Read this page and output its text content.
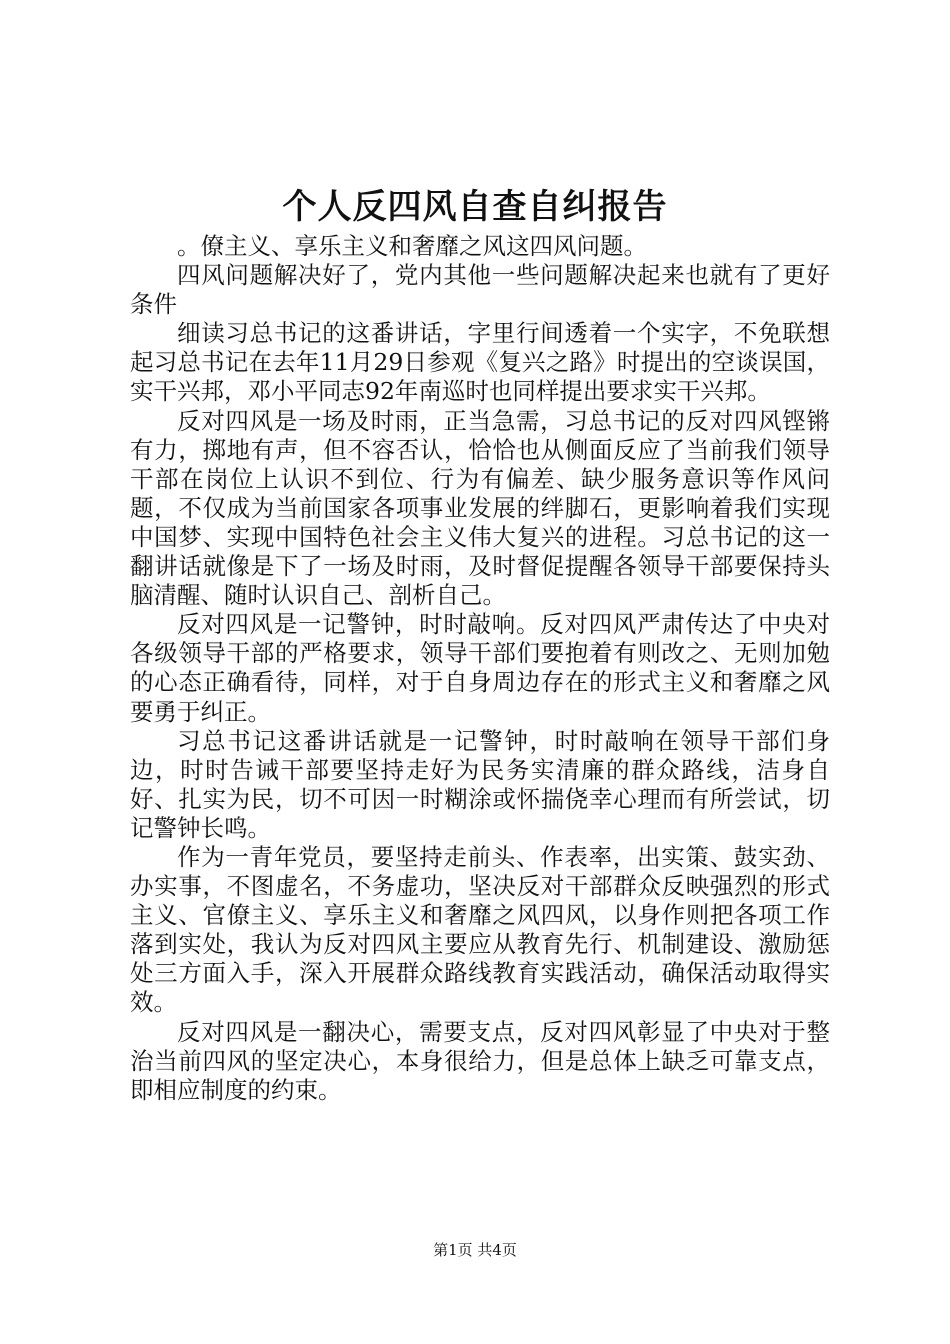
个人反四风自查自纠报告

。僚主义、享乐主义和奢靡之风这四风问题。

四风问题解决好了，党内其他一些问题解决起来也就有了更好条件

细读习总书记的这番讲话，字里行间透着一个实字，不免联想起习总书记在去年11月29日参观《复兴之路》时提出的空谈误国，实干兴邦，邓小平同志92年南巡时也同样提出要求实干兴邦。

反对四风是一场及时雨，正当急需，习总书记的反对四风铿锵有力，掷地有声，但不容否认，恰恰也从侧面反应了当前我们领导干部在岗位上认识不到位、行为有偏差、缺少服务意识等作风问题，不仅成为当前国家各项事业发展的绊脚石，更影响着我们实现中国梦、实现中国特色社会主义伟大复兴的进程。习总书记的这一翻讲话就像是下了一场及时雨，及时督促提醒各领导干部要保持头脑清醒、随时认识自己、剖析自己。

反对四风是一记警钟，时时敲响。反对四风严肃传达了中央对各级领导干部的严格要求，领导干部们要抱着有则改之、无则加勉的心态正确看待，同样，对于自身周边存在的形式主义和奢靡之风要勇于纠正。

习总书记这番讲话就是一记警钟，时时敲响在领导干部们身边，时时告诫干部要坚持走好为民务实清廉的群众路线，洁身自好、扎实为民，切不可因一时糊涂或怀揣侥幸心理而有所尝试，切记警钟长鸣。

作为一青年党员，要坚持走前头、作表率，出实策、鼓实劲、办实事，不图虚名，不务虚功，坚决反对干部群众反映强烈的形式主义、官僚主义、享乐主义和奢靡之风四风，以身作则把各项工作落到实处，我认为反对四风主要应从教育先行、机制建设、激励惩处三方面入手，深入开展群众路线教育实践活动，确保活动取得实效。

反对四风是一翻决心，需要支点，反对四风彰显了中央对于整治当前四风的坚定决心，本身很给力，但是总体上缺乏可靠支点，即相应制度的约束。

第1页 共4页
